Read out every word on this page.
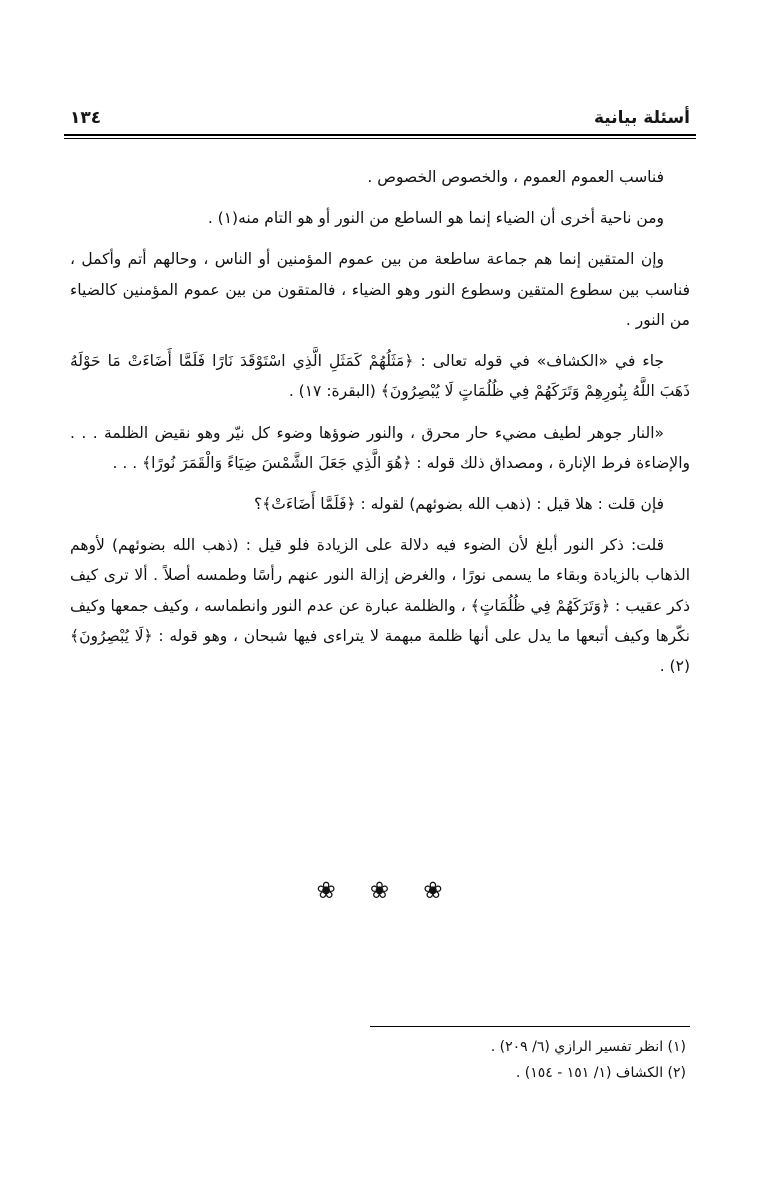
أسئلة بيانية
١٣٤

فناسب العموم العموم ، والخصوص الخصوص .

ومن ناحية أخرى أن الضياء إنما هو الساطع من النور أو هو التام منه(١) .

وإن المتقين إنما هم جماعة ساطعة من بين عموم المؤمنين أو الناس ، وحالهم أتم وأكمل ، فناسب بين سطوع المتقين وسطوع النور وهو الضياء ، فالمتقون من بين عموم المؤمنين كالضياء من النور .

جاء في «الكشاف» في قوله تعالى : ﴿مَثَلُهُمْ كَمَثَلِ الَّذِي اسْتَوْقَدَ نَارًا فَلَمَّا أَضَاءَتْ مَا حَوْلَهُ ذَهَبَ اللَّهُ بِنُورِهِمْ وَتَرَكَهُمْ فِي ظُلُمَاتٍ لَا يُبْصِرُونَ﴾ (البقرة: ١٧) .

«النار جوهر لطيف مضيء حار محرق ، والنور ضوؤها وضوء كل نيّر وهو نقيض الظلمة . . . والإضاءة فرط الإنارة ، ومصداق ذلك قوله : ﴿هُوَ الَّذِي جَعَلَ الشَّمْسَ ضِيَاءً وَالْقَمَرَ نُورًا﴾ . . .

فإن قلت : هلا قيل : (ذهب الله بضوئهم) لقوله : ﴿فَلَمَّا أَضَاءَتْ﴾؟

قلت: ذكر النور أبلغ لأن الضوء فيه دلالة على الزيادة فلو قيل : (ذهب الله بضوئهم) لأوهم الذهاب بالزيادة وبقاء ما يسمى نورًا ، والغرض إزالة النور عنهم رأسًا وطمسه أصلاً . ألا ترى كيف ذكر عقيب : ﴿وَتَرَكَهُمْ فِي ظُلُمَاتٍ﴾ ، والظلمة عبارة عن عدم النور وانطماسه ، وكيف جمعها وكيف نكّرها وكيف أتبعها ما يدل على أنها ظلمة مبهمة لا يتراءى فيها شبحان ، وهو قوله : ﴿لَا يُبْصِرُونَ﴾(٢) .

❀ ❀ ❀

(١) انظر تفسير الرازي (٦/ ٢٠٩) .

(٢) الكشاف (١/ ١٥١ - ١٥٤) .
